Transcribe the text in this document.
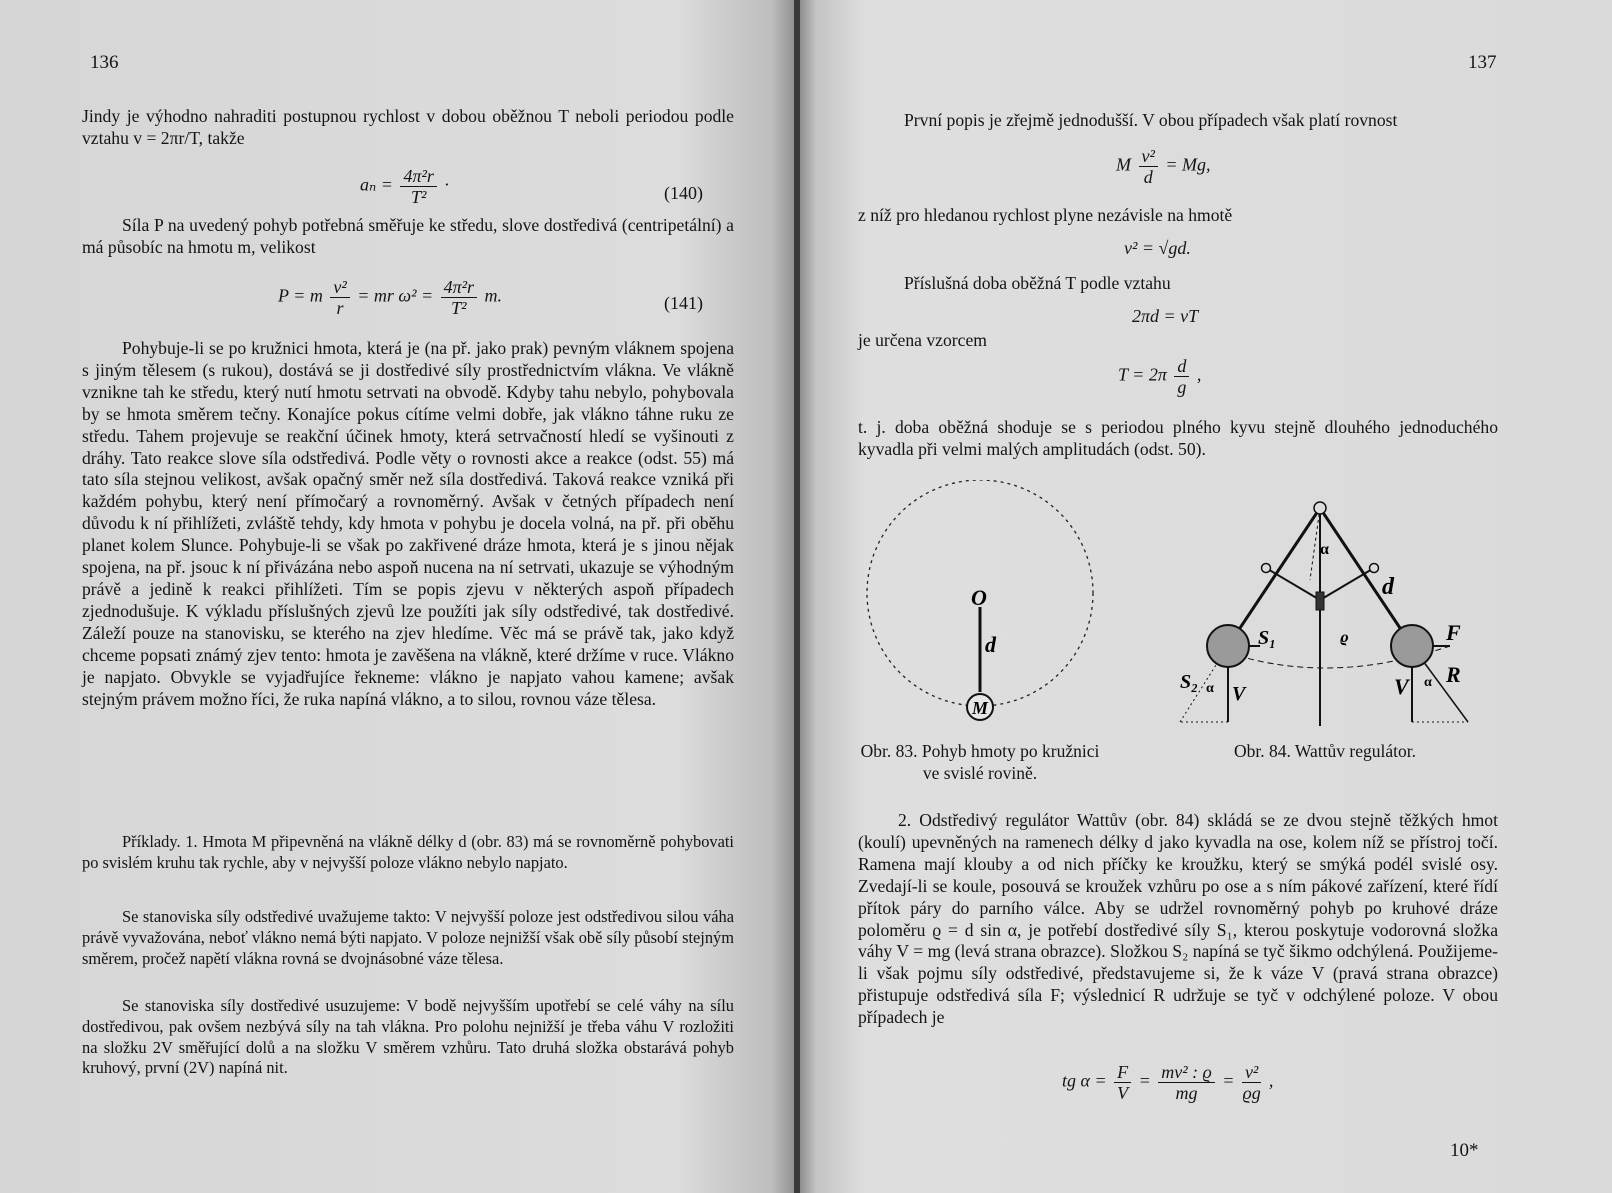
136
Jindy je výhodno nahraditi postupnou rychlost v dobou oběžnou T neboli periodou podle vztahu v = 2πr/T, takže
$a_n = \frac{\text{4π²r}}{\text{T²}}$ ·	(140)
Síla P na uvedený pohyb potřebná směřuje ke středu, slove dostředivá (centripetální) a má působíc na hmotu m, velikost
P = m $\frac{\text{v²}}{r}$ = mr $\omega^2 = \frac{\text{4π²r}}{\text{T²}} m$.	(141)
Pohybuje-li se po kružnici hmota, která je (na př. jako prak) pevným vláknem spojena s jiným tělesem (s rukou), dostává se ji dostředivé síly prostřednictvím vlákna. Ve vlákně vznikne tah ke středu, který nutí hmotu setrvati na obvodě. Kdyby tahu nebylo, pohybovala by se hmota směrem tečny. Konajíce pokus cítíme velmi dobře, jak vlákno táhne ruku ze středu. Tahem projevuje se reakční účinek hmoty, která setrvačností hledí se vyšinouti z dráhy. Tato reakce slove síla odstředivá. Podle věty o rovnosti akce a reakce (odst. 55) má tato síla stejnou velikost, avšak opačný směr než síla dostředivá. Taková reakce vzniká při každém pohybu, který není přímočarý a rovnoměrný. Avšak v četných případech není důvodu k ní přihlížeti, zvláště tehdy, kdy hmota v pohybu je docela volná, na př. při oběhu planet kolem Slunce. Pohybuje-li se však po zakřivené dráze hmota, která je s jinou nějak spojena, na př. jsouc k ní přivázána nebo aspoň nucena na ní setrvati, ukazuje se výhodným právě a jedině k reakci přihlížeti. Tím se popis zjevu v některých aspoň případech zjednodušuje. K výkladu příslušných zjevů lze použíti jak síly odstředivé, tak dostředivé. Záleží pouze na stanovisku, se kterého na zjev hledíme. Věc má se právě tak, jako když chceme popsati známý zjev tento: hmota je zavěšena na vlákně, které držíme v ruce. Vlákno je napjato. Obvykle se vyjadřujíce řekneme: vlákno je napjato vahou kamene; avšak stejným právem možno říci, že ruka napíná vlákno, a to silou, rovnou váze tělesa.
Příklady. 1. Hmota M připevněná na vlákně délky d (obr. 83) má se rovnoměrně pohybovati po svislém kruhu tak rychle, aby v nejvyšší poloze vlákno nebylo napjato.
Se stanoviska síly odstředivé uvažujeme takto: V nejvyšší poloze jest odstředivou silou váha právě vyvažována, neboť vlákno nemá býti napjato. V poloze nejnižší však obě síly působí stejným směrem, pročež napětí vlákna rovná se dvojnásobné váze tělesa.
Se stanoviska síly dostředivé usuzujeme: V bodě nejvyšším upotřebí se celé váhy na sílu dostředivou, pak ovšem nezbývá síly na tah vlákna. Pro polohu nejnižší je třeba váhu V rozložiti na složku 2V směřující dolů a na složku V směrem vzhůru. Tato druhá složka obstarává pohyb kruhový, první (2V) napíná nit.
137
První popis je zřejmě jednodušší. V obou případech však platí rovnost
M $\frac{\text{v²}}{d} = Mg$,
z níž pro hledanou rychlost plyne nezávisle na hmotě
v² = √gd.
Příslušná doba oběžná T podle vztahu
2πd = vT
je určena vzorcem
$T = 2\pi \frac{d}{g}$ ,
t. j. doba oběžná shoduje se s periodou plného kyvu stejně dlouhého jednoduchého kyvadla při velmi malých amplitudách (odst. 50).
O
d
M
α
d
S₁	ϱ	F
S₂ α V	V α R
Obr. 83. Pohyb hmoty po kružnici ve svislé rovině.
Obr. 84. Wattův regulátor.
2. Odstředivý regulátor Wattův (obr. 84) skládá se ze dvou stejně těžkých hmot (koulí) upevněných na ramenech délky d jako kyvadla na ose, kolem níž se přístroj točí. Ramena mají klouby a od nich příčky ke kroužku, který se smýká podél svislé osy. Zvedají-li se koule, posouvá se kroužek vzhůru po ose a s ním pákové zařízení, které řídí přítok páry do parního válce. Aby se udržel rovnoměrný pohyb po kruhové dráze poloměru ϱ = d sin α, je potřebí dostředivé síly S₁, kterou poskytuje vodorovná složka váhy V = mg (levá strana obrazce). Složkou S₂ napíná se tyč šikmo odchýlená. Použijeme-li však pojmu síly odstředivé, představujeme si, že k váze V (pravá strana obrazce) přistupuje odstředivá síla F; výslednicí R udržuje se tyč v odchýlené poloze. V obou případech je
tg $\alpha = \frac{F}{V} = \frac{\text{mv² : ϱ}}{mg} = \frac{\text{v²}}{ϱg}$ ,
10*
